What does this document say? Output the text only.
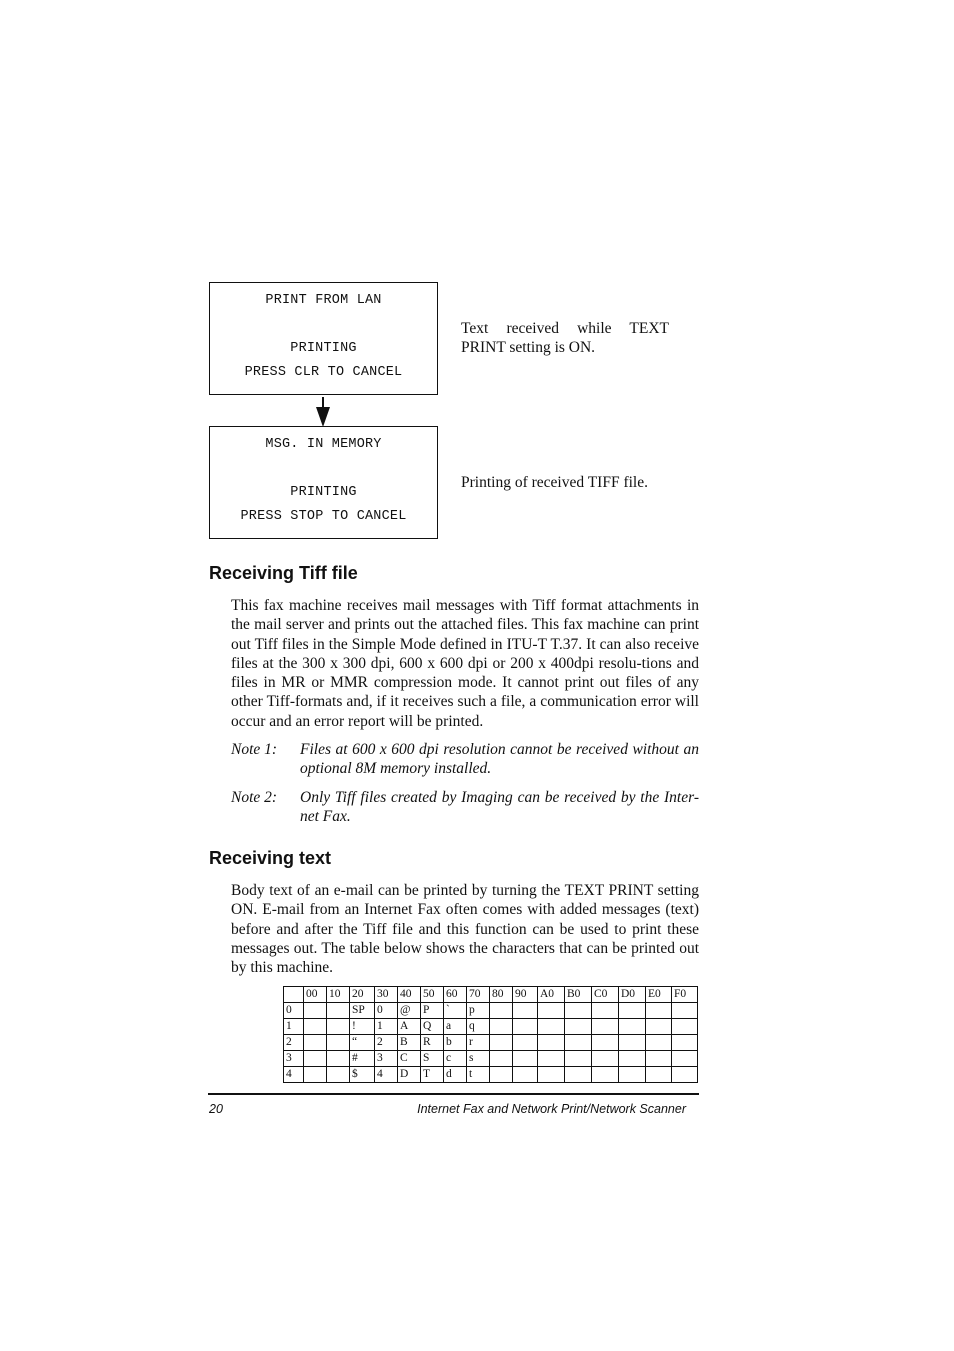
PRINT FROM LAN
PRINTING
PRESS CLR TO CANCEL
MSG. IN MEMORY
PRINTING
PRESS STOP TO CANCEL
Text received while TEXT PRINT setting is ON.
Printing of received TIFF file.
Receiving Tiff file

This fax machine receives mail messages with Tiff format attachments in the mail server and prints out the attached files. This fax machine can print out Tiff files in the Simple Mode defined in ITU-T T.37. It can also receive files at the 300 x 300 dpi, 600 x 600 dpi or 200 x 400dpi resolu-tions and files in MR or MMR compression mode. It cannot print out files of any other Tiff-formats and, if it receives such a file, a communication error will occur and an error report will be printed.

Note 1: Files at 600 x 600 dpi resolution cannot be received without an optional 8M memory installed.
Note 2: Only Tiff files created by Imaging can be received by the Inter-net Fax.
Receiving text

Body text of an e-mail can be printed by turning the TEXT PRINT setting ON. E-mail from an Internet Fax often comes with added messages (text) before and after the Tiff file and this function can be used to print these messages out. The table below shows the characters that can be printed out by this machine.

	00	10	20	30	40	50	60	70	80	90	A0	B0	C0	D0	E0	F0
0			SP	0	@	P	`	p								
1			!	1	A	Q	a	q								
2			“	2	B	R	b	r								
3			#	3	C	S	c	s								
4			$	4	D	T	d	t								
20	Internet Fax and Network Print/Network Scanner
